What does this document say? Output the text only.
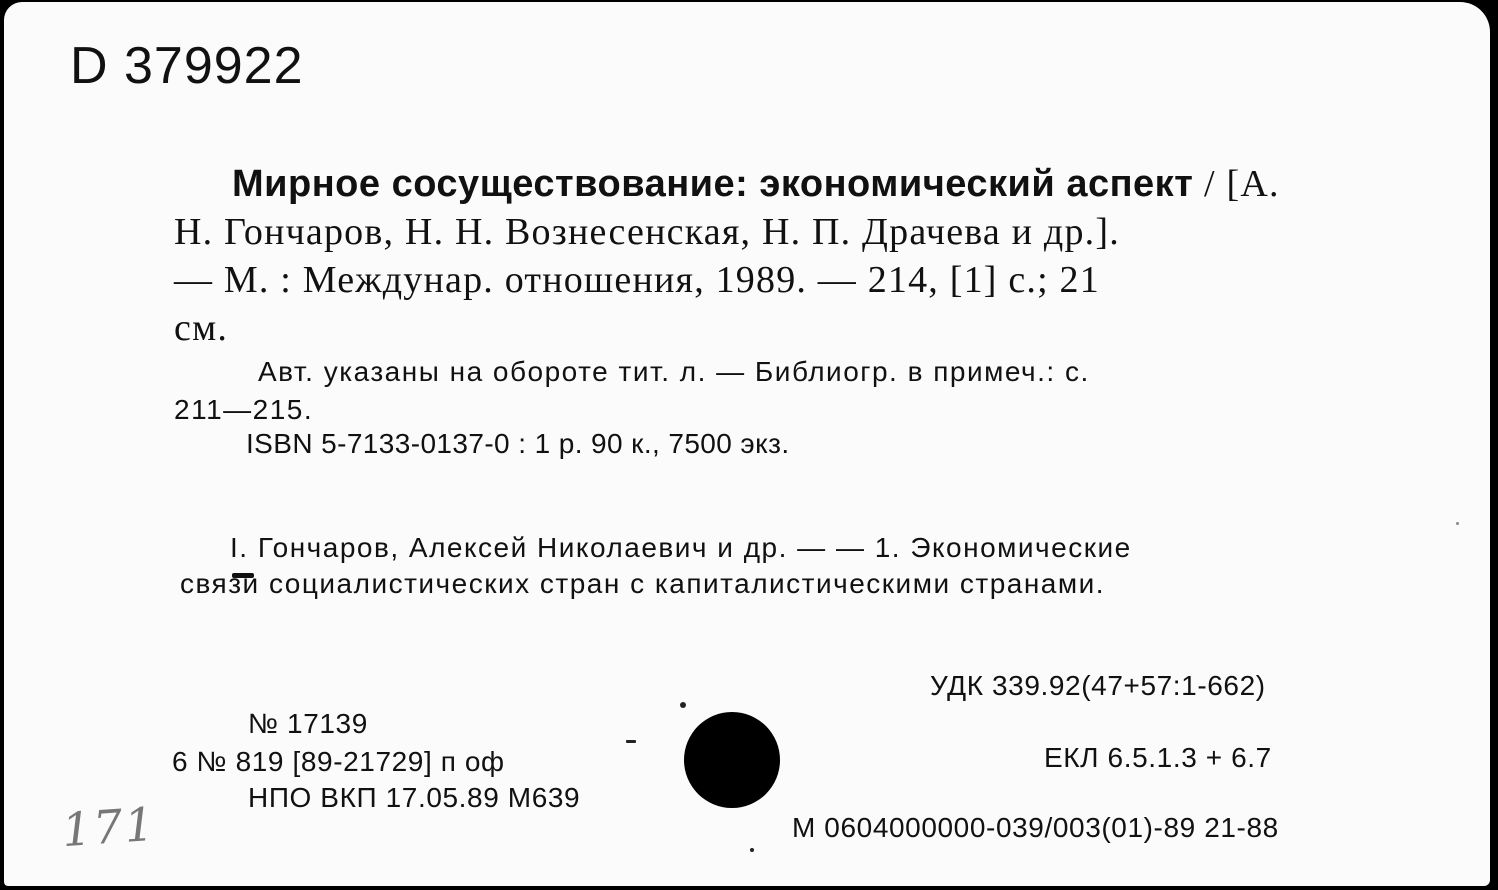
D 379922
Мирное сосуществование: экономический аспект / [А.
Н. Гончаров, Н. Н. Вознесенская, Н. П. Драчева и др.].
— М. : Междунар. отношения, 1989. — 214, [1] с.; 21
см.
Авт. указаны на обороте тит. л. — Библиогр. в примеч.: с.
211—215.
ISBN 5-7133-0137-0 : 1 р. 90 к., 7500 экз.
I. Гончаров, Алексей Николаевич и др. — — 1. Экономические
связи социалистических стран с капиталистическими странами.
УДК 339.92(47+57:1-662)
ЕКЛ 6.5.1.3 + 6.7
М 0604000000-039/003(01)-89 21-88
№ 17139
6 № 819 [89-21729] п оф
НПО ВКП 17.05.89 М639
171
